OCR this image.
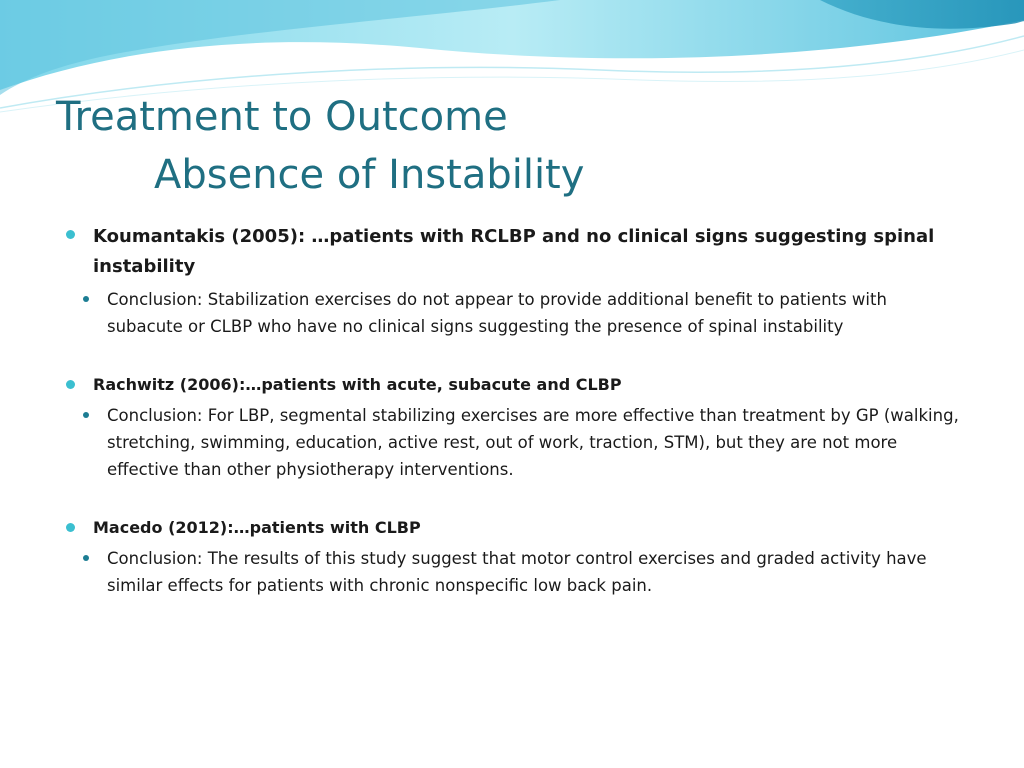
Treatment to Outcome
Absence of Instability
Koumantakis (2005): …patients with RCLBP and no clinical signs suggesting spinal instability
Conclusion: Stabilization exercises do not appear to provide additional benefit to patients with subacute or CLBP who have no clinical signs suggesting the presence of spinal instability
Rachwitz (2006):…patients with acute, subacute and CLBP
Conclusion: For LBP, segmental stabilizing exercises are more effective than treatment by GP (walking, stretching, swimming, education, active rest, out of work, traction, STM), but they are not more effective than other physiotherapy interventions.
Macedo (2012):…patients with CLBP
Conclusion: The results of this study suggest that motor control exercises and graded activity have similar effects for patients with chronic nonspecific low back pain.
